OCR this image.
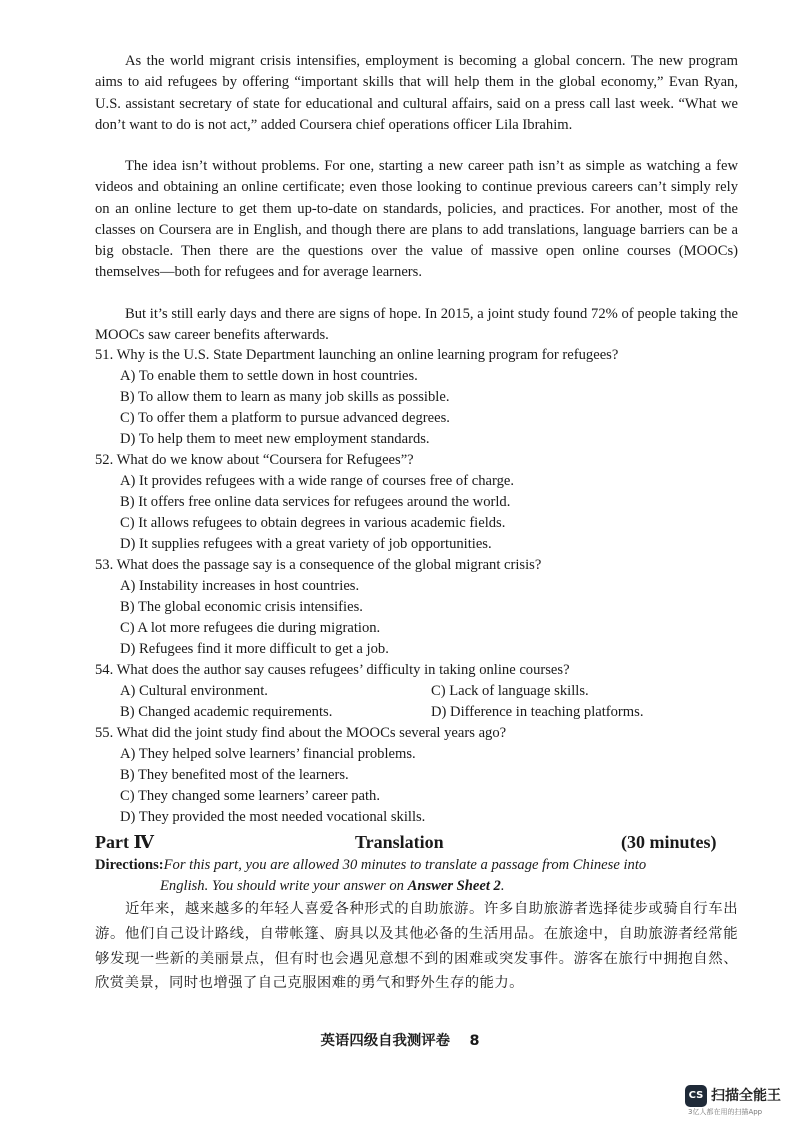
As the world migrant crisis intensifies, employment is becoming a global concern. The new program aims to aid refugees by offering “important skills that will help them in the global economy,” Evan Ryan, U.S. assistant secretary of state for educational and cultural affairs, said on a press call last week. “What we don’t want to do is not act,” added Coursera chief operations officer Lila Ibrahim.

The idea isn’t without problems. For one, starting a new career path isn’t as simple as watching a few videos and obtaining an online certificate; even those looking to continue previous careers can’t simply rely on an online lecture to get them up-to-date on standards, policies, and practices. For another, most of the classes on Coursera are in English, and though there are plans to add translations, language barriers can be a big obstacle. Then there are the questions over the value of massive open online courses (MOOCs) themselves—both for refugees and for average learners.

But it’s still early days and there are signs of hope. In 2015, a joint study found 72% of people taking the MOOCs saw career benefits afterwards.

51. Why is the U.S. State Department launching an online learning program for refugees?
A) To enable them to settle down in host countries.
B) To allow them to learn as many job skills as possible.
C) To offer them a platform to pursue advanced degrees.
D) To help them to meet new employment standards.
52. What do we know about “Coursera for Refugees”?
A) It provides refugees with a wide range of courses free of charge.
B) It offers free online data services for refugees around the world.
C) It allows refugees to obtain degrees in various academic fields.
D) It supplies refugees with a great variety of job opportunities.
53. What does the passage say is a consequence of the global migrant crisis?
A) Instability increases in host countries.
B) The global economic crisis intensifies.
C) A lot more refugees die during migration.
D) Refugees find it more difficult to get a job.
54. What does the author say causes refugees’ difficulty in taking online courses?
A) Cultural environment.
B) Changed academic requirements.
C) Lack of language skills.
D) Difference in teaching platforms.
55. What did the joint study find about the MOOCs several years ago?
A) They helped solve learners’ financial problems.
B) They benefited most of the learners.
C) They changed some learners’ career path.
D) They provided the most needed vocational skills.
Part Ⅳ	Translation	(30 minutes)
Directions:For this part, you are allowed 30 minutes to translate a passage from Chinese into
English. You should write your answer on Answer Sheet 2.

近年来，越来越多的年轻人喜爱各种形式的自助旅游。许多自助旅游者选择徒步或骑自行车出游。他们自己设计路线，自带帐篷、廚具以及其他必备的生活用品。在旅途中，自助旅游者经常能够发现一些新的美丽景点，但有时也会遇见意想不到的困难或突发事件。游客在旅行中拥抱自然、欣赏美景，同时也增强了自己克服困难的勇气和野外生存的能力。

英语四级自我测评卷　 8
CS 扫描全能王
3亿人都在用的扫描App
